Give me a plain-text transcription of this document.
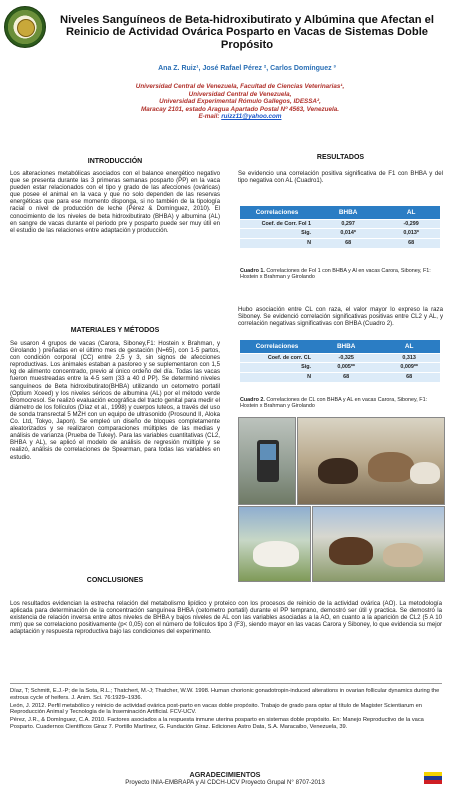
Niveles Sanguíneos de Beta-hidroxibutirato y Albúmina que Afectan el Reinicio de Actividad Ovárica Posparto en Vacas de Sistemas Doble Propósito
Ana Z. Ruiz¹, José Rafael Pérez ², Carlos Domínguez ³
Universidad Central de Venezuela, Facultad de Ciencias Veterinarias¹,
Universidad Central de Venezuela,
Universidad Experimental Rómulo Gallegos, IDESSA²,
Maracay 2101, estado Aragua Apartado Postal Nº 4563, Venezuela.
E-mail: ruizz11@yahoo.com
INTRODUCCIÓN
Los alteraciones metabólicas asociados con el balance energético negativo que se presenta durante las 3 primeras semanas posparto (PP) en la vaca pueden estar relacionados con el tipo y grado de las afecciones (ováricas) que posee el animal en la vaca y que no solo dependen de las reservas energéticas que para ese momento disponga, si no también de la tipología racial o nivel de producción de leche (Pérez & Domínguez, 2010). El conocimiento de los niveles de beta hidroxibutirato (BHBA) y albumina (AL) en sangre de vacas durante el periodo pre y posparto puede ser muy útil en el estudio de las relaciones entre adaptación y producción.
MATERIALES Y MÉTODOS
Se usaron 4 grupos de vacas (Carora, Siboney,F1: Hostein x Brahman, y Girolando ) preñadas en el último mes de gestación (N=65), con 1-5 partos, con condición corporal (CC) entre 2,5 y 3, sin signos de afecciones reproductivas. Los animales estaban a pastoreo y se suplementaron con 1,5 kg de alimento concentrado, previo al único ordeño del día. Todas las vacas fueron muestreadas entre la 4-5 sem (33 a 40 d PP). Se determinó niveles sanguíneos de Beta hidroxibutirato(BHBA) utilizando un cetometro portatil (Optium Xceed) y los niveles séricos de albumina (AL) por el método verde Bromocresol. Se realizó evaluación ecográfica del tracto genital para medir el diámetro de los folículos (Díaz et al., 1998) y cuerpos luteos, a través del uso de sonda transrectal 5 MZH con un equipo de ultrasonido (Prosound II, Aloka Co. Ltd, Tokyo, Japon). Se empleó un diseño de bloques completamente aleatorizados y se realizaron comparaciones múltiples de las medias y análisis de varianza (Prueba de Tukey). Para las variables cuantitativas (CL2, BHBA y AL), se aplicó el modelo de análisis de regresión múltiple y se realizó, análisis de correlaciones de Spearman, para todas las variables en estudio.
RESULTADOS
Se evidencio una correlación positiva significativa de F1 con BHBA y del tipo negativa con AL (Cuadro1).
Correlaciones	BHBA	AL
Coef. de Corr. Fol 1	0,297	-0,299
Sig.	0,014*	0,013*
N	68	68
Cuadro 1. Correlaciones de Fol 1 con BHBA y Al en vacas Carora, Siboney, F1: Hostein x Brahman y Girolando
Hubo asociación entre CL con raza, el valor mayor lo expreso la raza Siboney. Se evidenció correlación significativas positivas entre CL2 y AL, y correlación negativas significativas con BHBA (Cuadro 2).
Correlaciones	BHBA	AL
Coef. de corr. CL	-0,325	0,313
Sig.	0,005**	0,009**
N	68	68
Cuadro 2. Correlaciones de CL con BHBA y AL en vacas Carora, Siboney, F1: Hostein x Brahman y Girolando
CONCLUSIONES
Los resultados evidencian la estrecha relación del metabolismo lipídico y proteico con los procesos de reinicio de la actividad ovárica (AO). La metodología aplicada para determinación de la concentración sanguínea BHBA (cetometro portatil) durante el PP temprano, demostró ser útil y practica. Se demostró la existencia de relación inversa entre altos niveles de BHBA y bajos niveles de AL con las variables asociadas a la AO, en cuanto a la aparición de CL2 (5 A 10 mm) que se correlaciono positivamente (p< 0,05) con el número de folículos tipo 3 (F3), siendo mayor en las vacas Carora y Siboney, lo que evidencia su mejor adaptación y respuesta reproductiva bajo las condiciones del experimento.

Díaz, T; Schmitt, E.J.-P; de la Sota, R.L.; Thatchert, M.-J; Thatcher, W.W. 1998. Human chorionic gonadotropin-induced alterations in ovarian follicular dynamics during the estrous cycle of heifers. J. Anim. Sci. 76:1929–1936.

León, J. 2012. Perfil metabólico y reinicio de actividad ovárica post-parto en vacas doble propósito. Trabajo de grado para optar al título de Magister Scientiarum en Reproducción Animal y Tecnologia de la Inseminación Artificial. FCV-UCV.

Pérez, J.R., & Domínguez, C.A. 2010. Factores asociados a la respuesta inmune uterina posparto en sistemas doble propósito. En: Manejo Reproductivo de la vaca Posparto. Cuadernos Científicos Giraz 7. Portillo Martínez, G. Fundación Giraz. Ediciones Astro Data, S.A. Maracaibo, Venezuela, 39.

AGRADECIMIENTOS
Proyecto INIA-EMBRAPA y Al CDCH-UCV Proyecto Grupal N° 8707-2013
